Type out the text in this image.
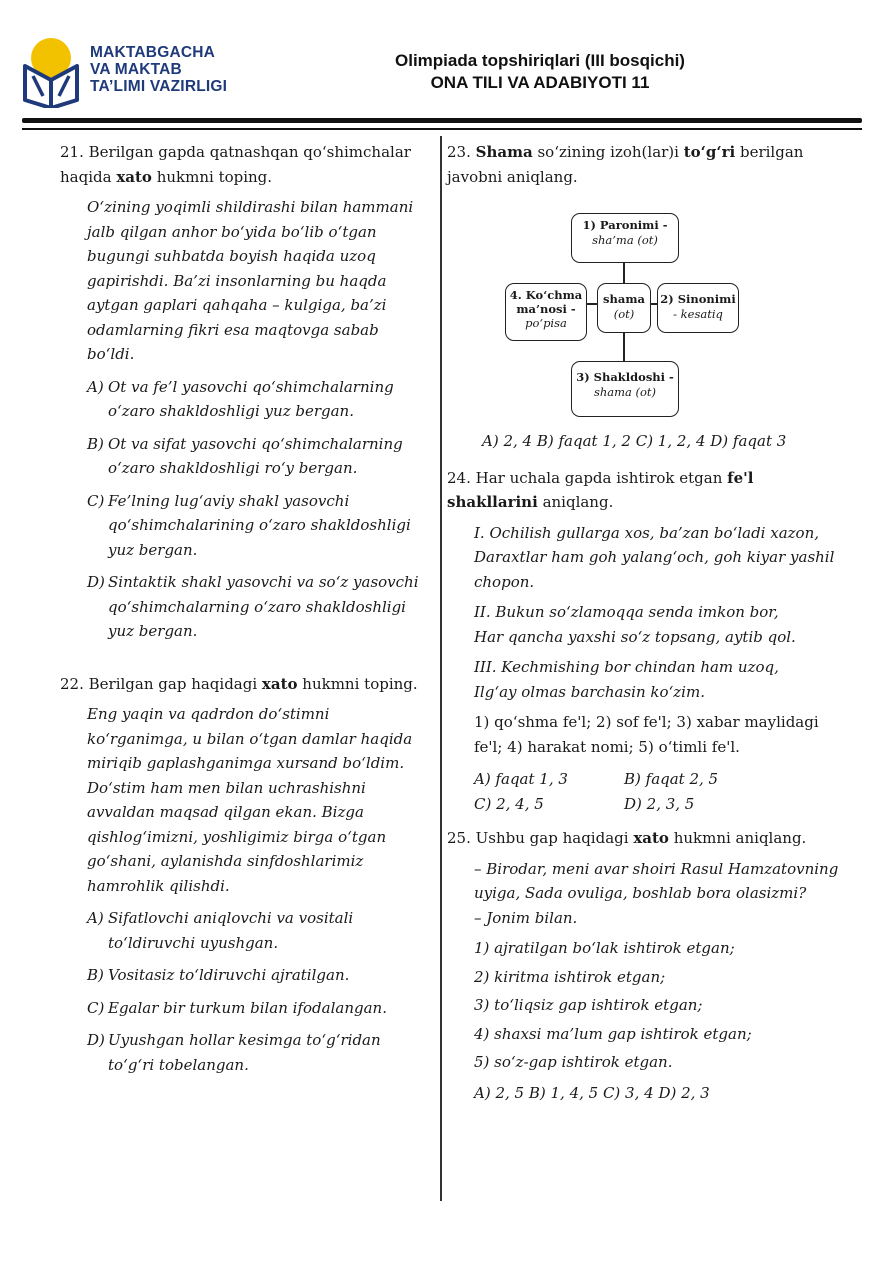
MAKTABGACHA
VA MAKTAB
TA’LIMI VAZIRLIGI
Olimpiada topshiriqlari (III bosqichi)
ONA TILI VA ADABIYOTI 11
21. Berilgan gapda qatnashqan qo‘shimchalar haqida xato hukmni toping.
O‘zining yoqimli shildirashi bilan hammani jalb qilgan anhor bo‘yida bo‘lib o‘tgan bugungi suhbatda boyish haqida uzoq gapirishdi. Ba’zi insonlarning bu haqda aytgan gaplari qahqaha – kulgiga, ba’zi odamlarning fikri esa maqtovga sabab bo‘ldi.
A) Ot va fe’l yasovchi qo‘shimchalarning o‘zaro shakldoshligi yuz bergan.
B) Ot va sifat yasovchi qo‘shimchalarning o‘zaro shakldoshligi ro‘y bergan.
C) Fe’lning lug‘aviy shakl yasovchi qo‘shimchalarining o‘zaro shakldoshligi yuz bergan.
D) Sintaktik shakl yasovchi va so‘z yasovchi qo‘shimchalarning o‘zaro shakldoshligi yuz bergan.
22. Berilgan gap haqidagi xato hukmni toping.
Eng yaqin va qadrdon do‘stimni ko‘rganimga, u bilan o‘tgan damlar haqida miriqib gaplashganimga xursand bo‘ldim. Do‘stim ham men bilan uchrashishni avvaldan maqsad qilgan ekan. Bizga qishlog‘imizni, yoshligimiz birga o‘tgan go‘shani, aylanishda sinfdoshlarimiz hamrohlik qilishdi.
A) Sifatlovchi aniqlovchi va vositali to‘ldiruvchi uyushgan.
B) Vositasiz to‘ldiruvchi ajratilgan.
C) Egalar bir turkum bilan ifodalangan.
D) Uyushgan hollar kesimga to‘g‘ridan to‘g‘ri tobelangan.
23. Shama so‘zining izoh(lar)i to‘g‘ri berilgan javobni aniqlang.
1) Paronimi -
sha’ma (ot)
4. Ko‘chma
ma’nosi -
po‘pisa
shama
(ot)
2) Sinonimi
- kesatiq
3) Shakldoshi -
shama (ot)
A) 2, 4 B) faqat 1, 2 C) 1, 2, 4 D) faqat 3
24. Har uchala gapda ishtirok etgan fe'l shakllarini aniqlang.
I. Ochilish gullarga xos, ba’zan bo‘ladi xazon,
Daraxtlar ham goh yalang‘och, goh kiyar yashil chopon.
II. Bukun so‘zlamoqqa senda imkon bor,
Har qancha yaxshi so‘z topsang, aytib qol.
III. Kechmishing bor chindan ham uzoq,
Ilg‘ay olmas barchasin ko‘zim.
1) qo‘shma fe'l; 2) sof fe'l; 3) xabar maylidagi fe'l; 4) harakat nomi; 5) o‘timli fe'l.
A) faqat 1, 3	B) faqat 2, 5
C) 2, 4, 5	D) 2, 3, 5
25. Ushbu gap haqidagi xato hukmni aniqlang.
– Birodar, meni avar shoiri Rasul Hamzatovning uyiga, Sada ovuliga, boshlab bora olasizmi?
– Jonim bilan.
1) ajratilgan bo‘lak ishtirok etgan;
2) kiritma ishtirok etgan;
3) to‘liqsiz gap ishtirok etgan;
4) shaxsi ma’lum gap ishtirok etgan;
5) so‘z-gap ishtirok etgan.
A) 2, 5 B) 1, 4, 5 C) 3, 4 D) 2, 3
